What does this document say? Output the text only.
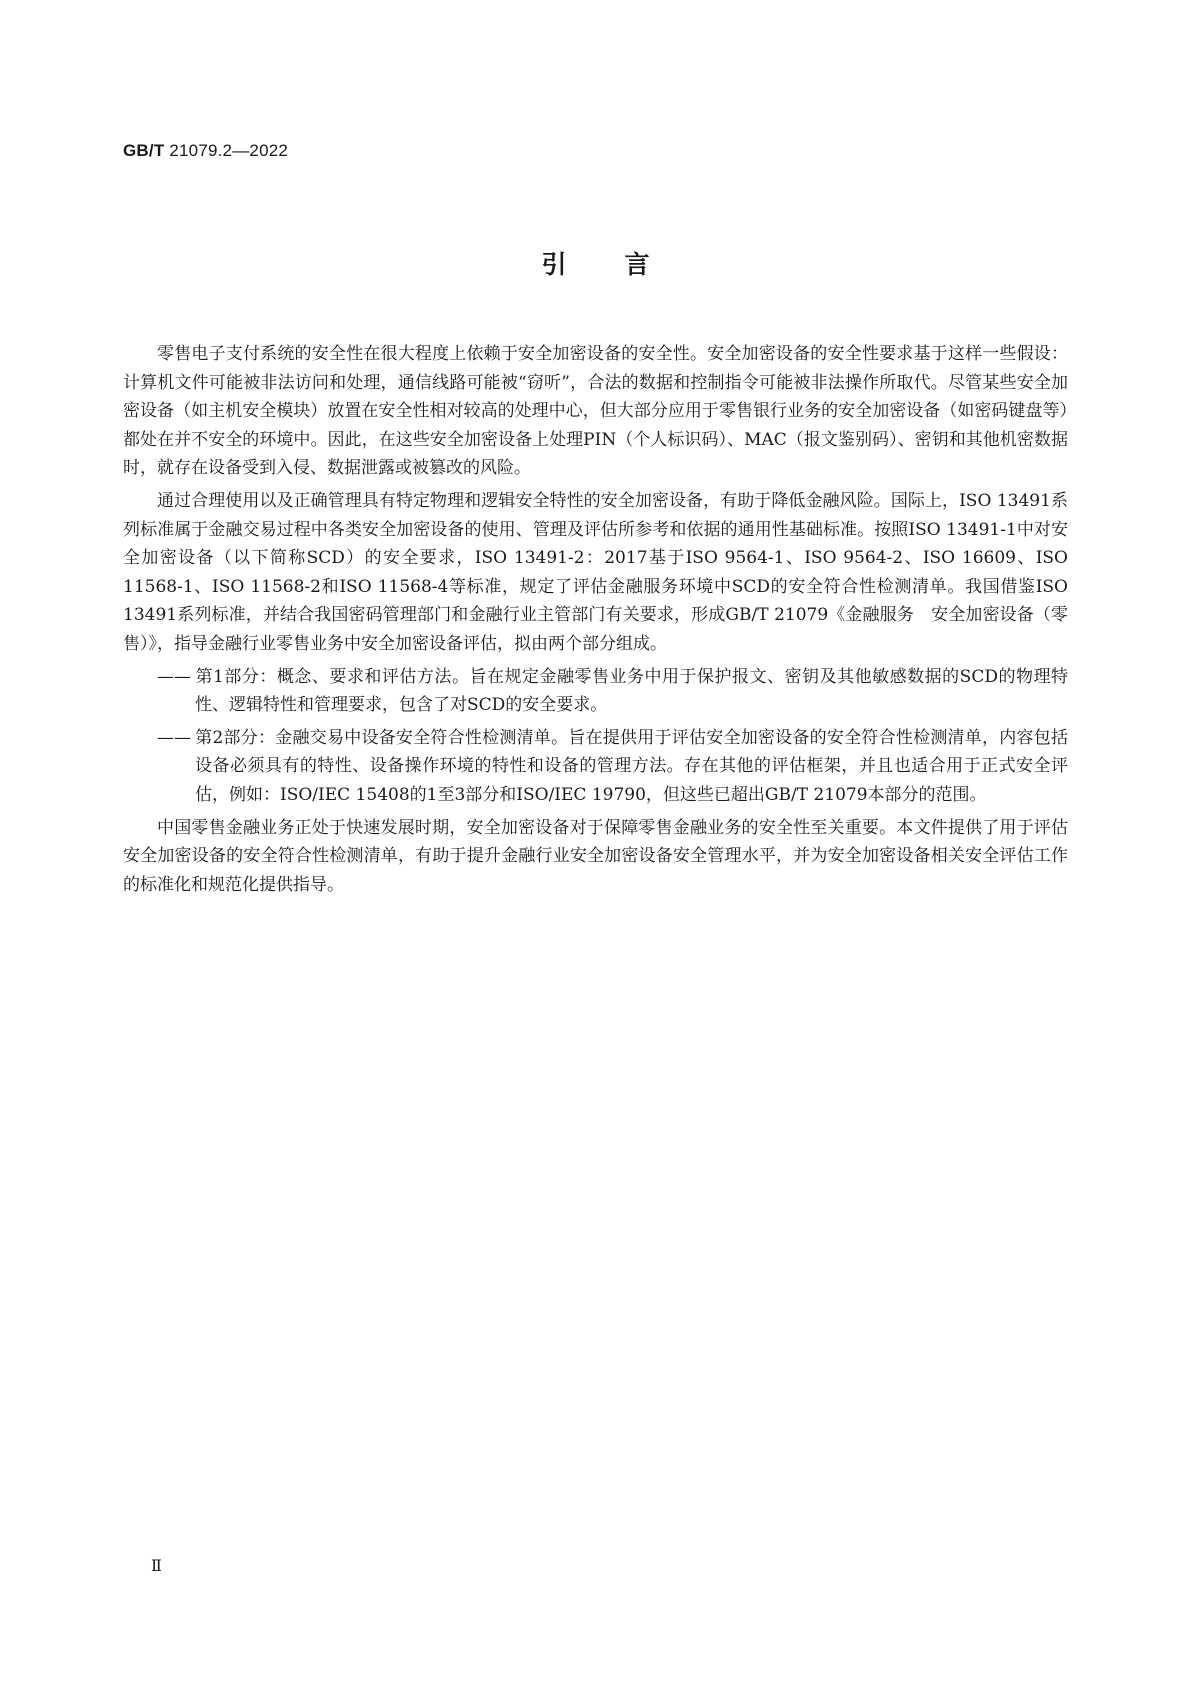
GB/T 21079.2—2022
引言

零售电子支付系统的安全性在很大程度上依赖于安全加密设备的安全性。安全加密设备的安全性要求基于这样一些假设：计算机文件可能被非法访问和处理，通信线路可能被“窃听”，合法的数据和控制指令可能被非法操作所取代。尽管某些安全加密设备（如主机安全模块）放置在安全性相对较高的处理中心，但大部分应用于零售银行业务的安全加密设备（如密码键盘等）都处在并不安全的环境中。因此，在这些安全加密设备上处理PIN（个人标识码）、MAC（报文鉴别码）、密钥和其他机密数据时，就存在设备受到入侵、数据泄露或被篡改的风险。

通过合理使用以及正确管理具有特定物理和逻辑安全特性的安全加密设备，有助于降低金融风险。国际上，ISO 13491系列标准属于金融交易过程中各类安全加密设备的使用、管理及评估所参考和依据的通用性基础标准。按照ISO 13491-1中对安全加密设备（以下简称SCD）的安全要求，ISO 13491-2：2017基于ISO 9564-1、ISO 9564-2、ISO 16609、ISO 11568-1、ISO 11568-2和ISO 11568-4等标准，规定了评估金融服务环境中SCD的安全符合性检测清单。我国借鉴ISO 13491系列标准，并结合我国密码管理部门和金融行业主管部门有关要求，形成GB/T 21079《金融服务　安全加密设备（零售）》，指导金融行业零售业务中安全加密设备评估，拟由两个部分组成。

—— 第1部分：概念、要求和评估方法。旨在规定金融零售业务中用于保护报文、密钥及其他敏感数据的SCD的物理特性、逻辑特性和管理要求，包含了对SCD的安全要求。
—— 第2部分：金融交易中设备安全符合性检测清单。旨在提供用于评估安全加密设备的安全符合性检测清单，内容包括设备必须具有的特性、设备操作环境的特性和设备的管理方法。存在其他的评估框架，并且也适合用于正式安全评估，例如：ISO/IEC 15408的1至3部分和ISO/IEC 19790，但这些已超出GB/T 21079本部分的范围。

中国零售金融业务正处于快速发展时期，安全加密设备对于保障零售金融业务的安全性至关重要。本文件提供了用于评估安全加密设备的安全符合性检测清单，有助于提升金融行业安全加密设备安全管理水平，并为安全加密设备相关安全评估工作的标准化和规范化提供指导。

Ⅱ
